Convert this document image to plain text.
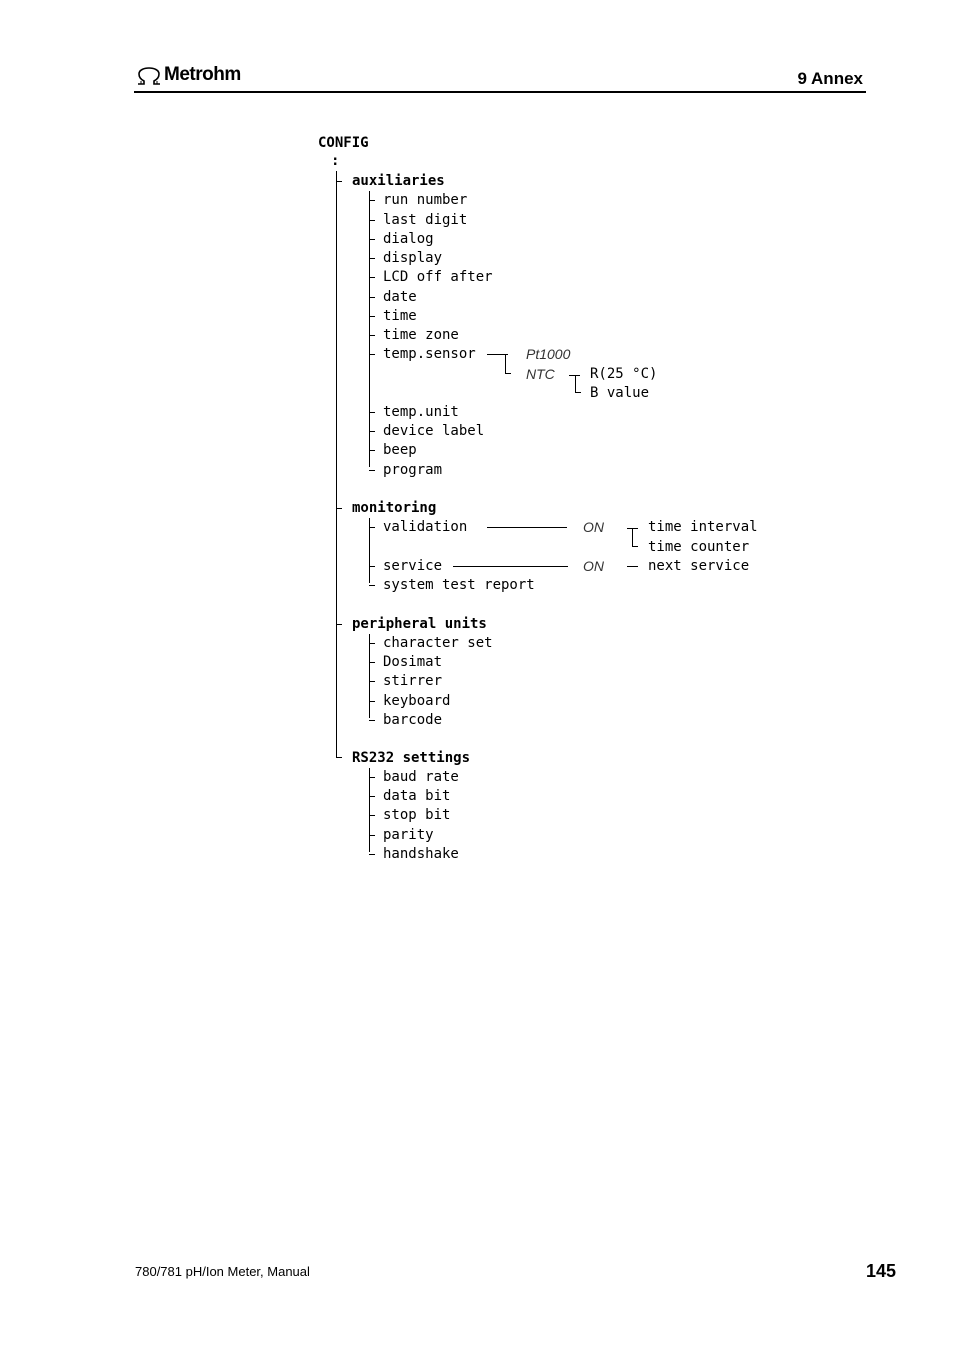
Metrohm	9 Annex
CONFIG
:
auxiliaries
run number
last digit
dialog
display
LCD off after
date
time
time zone
temp.sensor
temp.unit
device label
beep
program
Pt1000
NTC	R(25 °C)
B value
monitoring
validation
service
system test report
ON	time interval
time counter
ON	next service
peripheral units
character set
Dosimat
stirrer
keyboard
barcode
RS232 settings
baud rate
data bit
stop bit
parity
handshake
780/781 pH/Ion Meter, Manual	145
